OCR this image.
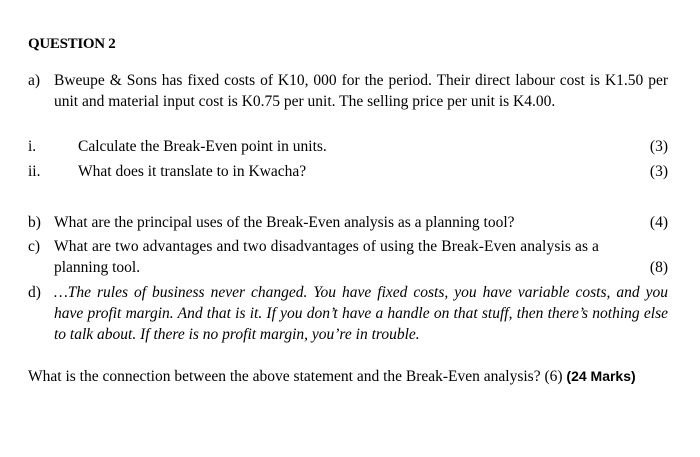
QUESTION 2
a) Bweupe & Sons has fixed costs of K10, 000 for the period. Their direct labour cost is K1.50 per unit and material input cost is K0.75 per unit. The selling price per unit is K4.00.
i.	Calculate the Break-Even point in units.	(3)
ii.	What does it translate to in Kwacha?	(3)
b) What are the principal uses of the Break-Even analysis as a planning tool?	(4)
c) What are two advantages and two disadvantages of using the Break-Even analysis as a
planning tool.	(8)
d) …The rules of business never changed. You have fixed costs, you have variable costs, and you have profit margin. And that is it. If you don’t have a handle on that stuff, then there’s nothing else to talk about. If there is no profit margin, you’re in trouble.
What is the connection between the above statement and the Break-Even analysis? (6) (24 Marks)
